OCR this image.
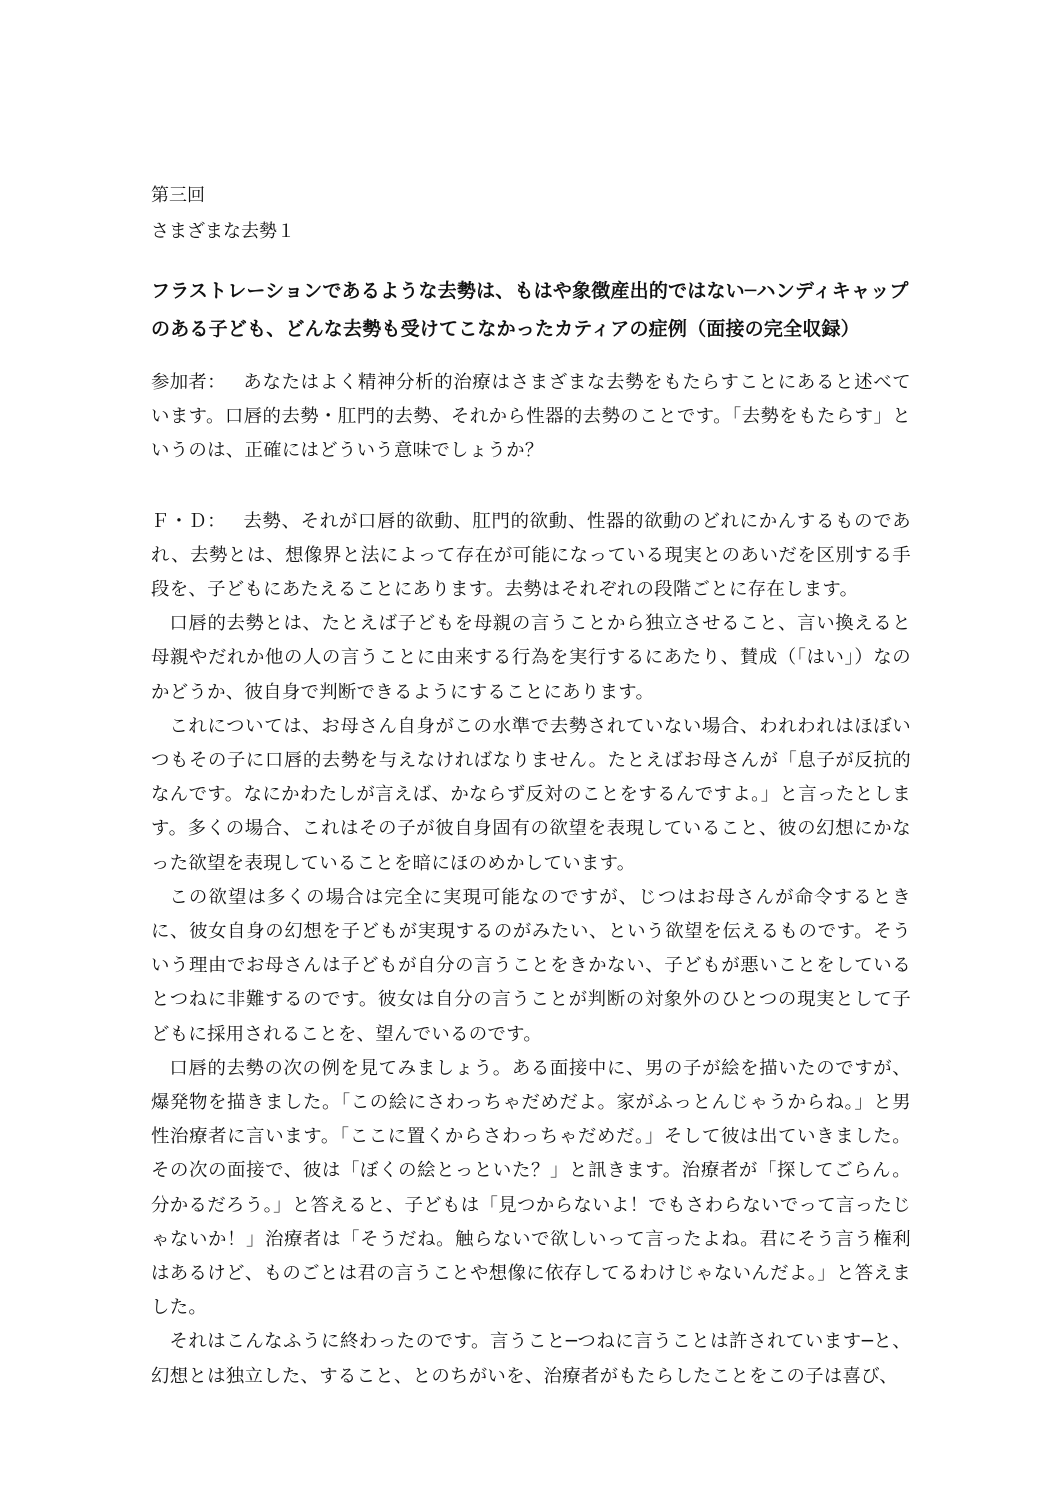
第三回

さまざまな去勢１

フラストレーションであるような去勢は、もはや象徴産出的ではない─ハンディキャップのある子ども、どんな去勢も受けてこなかったカティアの症例（面接の完全収録）

参加者： あなたはよく精神分析的治療はさまざまな去勢をもたらすことにあると述べています。口唇的去勢・肛門的去勢、それから性器的去勢のことです。「去勢をもたらす」というのは、正確にはどういう意味でしょうか？

Ｆ・Ｄ： 去勢、それが口唇的欲動、肛門的欲動、性器的欲動のどれにかんするものであれ、去勢とは、想像界と法によって存在が可能になっている現実とのあいだを区別する手段を、子どもにあたえることにあります。去勢はそれぞれの段階ごとに存在します。

口唇的去勢とは、たとえば子どもを母親の言うことから独立させること、言い換えると母親やだれか他の人の言うことに由来する行為を実行するにあたり、賛成（「はい」）なのかどうか、彼自身で判断できるようにすることにあります。

これについては、お母さん自身がこの水準で去勢されていない場合、われわれはほぼいつもその子に口唇的去勢を与えなければなりません。たとえばお母さんが「息子が反抗的なんです。なにかわたしが言えば、かならず反対のことをするんですよ。」と言ったとします。多くの場合、これはその子が彼自身固有の欲望を表現していること、彼の幻想にかなった欲望を表現していることを暗にほのめかしています。

この欲望は多くの場合は完全に実現可能なのですが、じつはお母さんが命令するときに、彼女自身の幻想を子どもが実現するのがみたい、という欲望を伝えるものです。そういう理由でお母さんは子どもが自分の言うことをきかない、子どもが悪いことをしているとつねに非難するのです。彼女は自分の言うことが判断の対象外のひとつの現実として子どもに採用されることを、望んでいるのです。

口唇的去勢の次の例を見てみましょう。ある面接中に、男の子が絵を描いたのですが、爆発物を描きました。「この絵にさわっちゃだめだよ。家がふっとんじゃうからね。」と男性治療者に言います。「ここに置くからさわっちゃだめだ。」そして彼は出ていきました。その次の面接で、彼は「ぼくの絵とっといた？」と訊きます。治療者が「探してごらん。分かるだろう。」と答えると、子どもは「見つからないよ！でもさわらないでって言ったじゃないか！」治療者は「そうだね。触らないで欲しいって言ったよね。君にそう言う権利はあるけど、ものごとは君の言うことや想像に依存してるわけじゃないんだよ。」と答えました。

それはこんなふうに終わったのです。言うこと─つねに言うことは許されています─と、幻想とは独立した、すること、とのちがいを、治療者がもたらしたことをこの子は喜び、
